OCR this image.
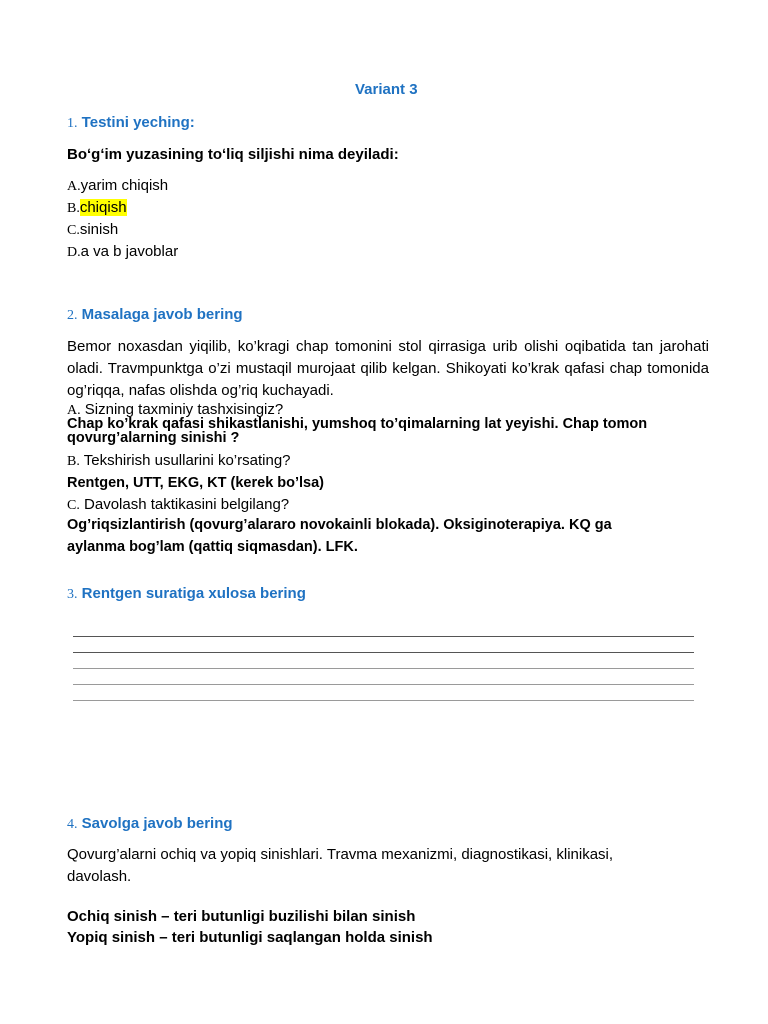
Variant 3
1. Testini yeching:
Boʻgʻim yuzasining toʻliq siljishi nima deyiladi:
A.yarim chiqish
B.chiqish
C.sinish
D.a va b javoblar
2. Masalaga javob bering
Bemor noxasdan yiqilib, ko’kragi chap tomonini stol qirrasiga urib olishi oqibatida tan jarohati oladi. Travmpunktga o’zi mustaqil murojaat qilib kelgan. Shikoyati ko’krak qafasi chap tomonida og’riqqa, nafas olishda og’riq kuchayadi.
A. Sizning taxminiy tashxisingiz?
Chap ko’krak qafasi shikastlanishi, yumshoq to’qimalarning lat yeyishi. Chap tomon
qovurg’alarning sinishi ?
B. Tekshirish usullarini ko’rsating?
Rentgen, UTT, EKG, KT (kerek bo’lsa)
C. Davolash taktikasini belgilang?
Og’riqsizlantirish (qovurg’alararo novokainli blokada). Oksiginoterapiya. KQ ga
aylanma bog’lam (qattiq siqmasdan). LFK.
3. Rentgen suratiga xulosa bering
4. Savolga javob bering
Qovurg’alarni ochiq va yopiq sinishlari. Travma mexanizmi, diagnostikasi, klinikasi, davolash.
Ochiq sinish – teri butunligi buzilishi bilan sinish
Yopiq sinish – teri butunligi saqlangan holda sinish
